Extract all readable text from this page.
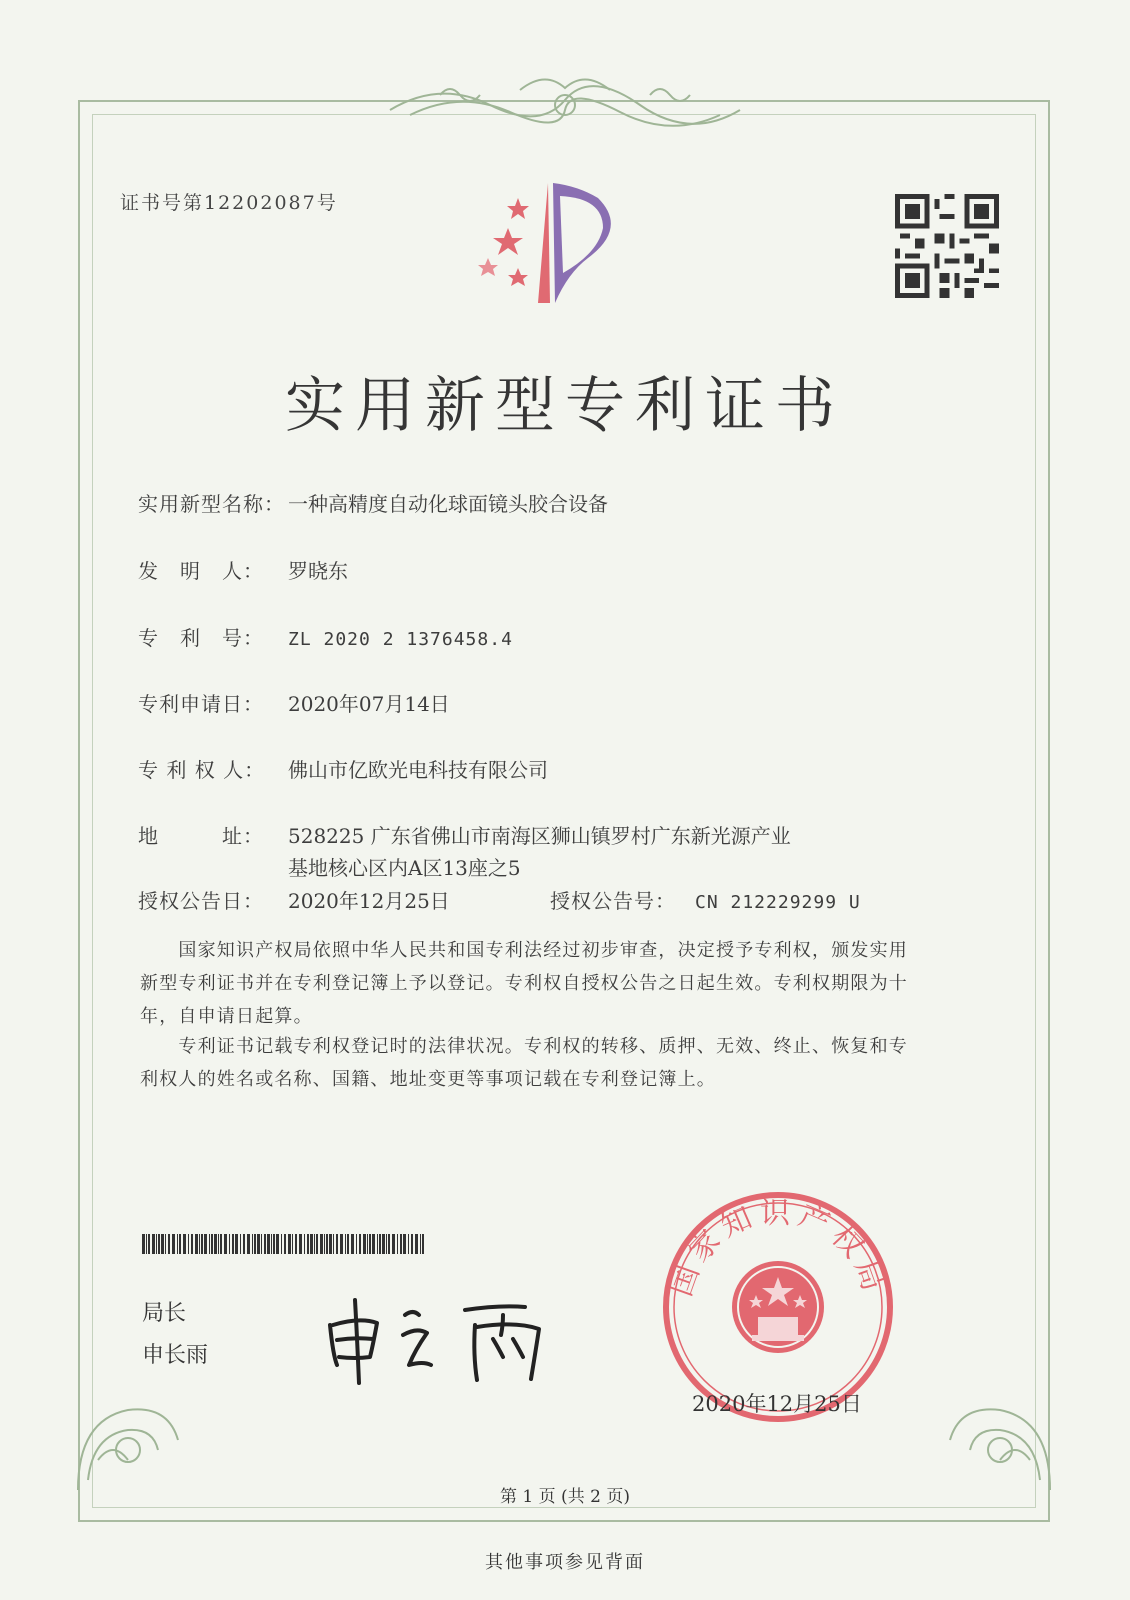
证书号第12202087号
实用新型专利证书
实用新型名称： 一种高精度自动化球面镜头胶合设备
发　明　人： 罗晓东
专　利　号： ZL 2020 2 1376458.4
专利申请日： 2020年07月14日
专 利 权 人： 佛山市亿欧光电科技有限公司
地　　　址： 528225 广东省佛山市南海区狮山镇罗村广东新光源产业
基地核心区内A区13座之5
授权公告日： 2020年12月25日	授权公告号： CN 212229299 U
　　国家知识产权局依照中华人民共和国专利法经过初步审查，决定授予专利权，颁发实用
新型专利证书并在专利登记簿上予以登记。专利权自授权公告之日起生效。专利权期限为十
年，自申请日起算。
　　专利证书记载专利权登记时的法律状况。专利权的转移、质押、无效、终止、恢复和专
利权人的姓名或名称、国籍、地址变更等事项记载在专利登记簿上。
局长
申长雨
国家知识产权局
2020年12月25日
第 1 页 (共 2 页)
其他事项参见背面
